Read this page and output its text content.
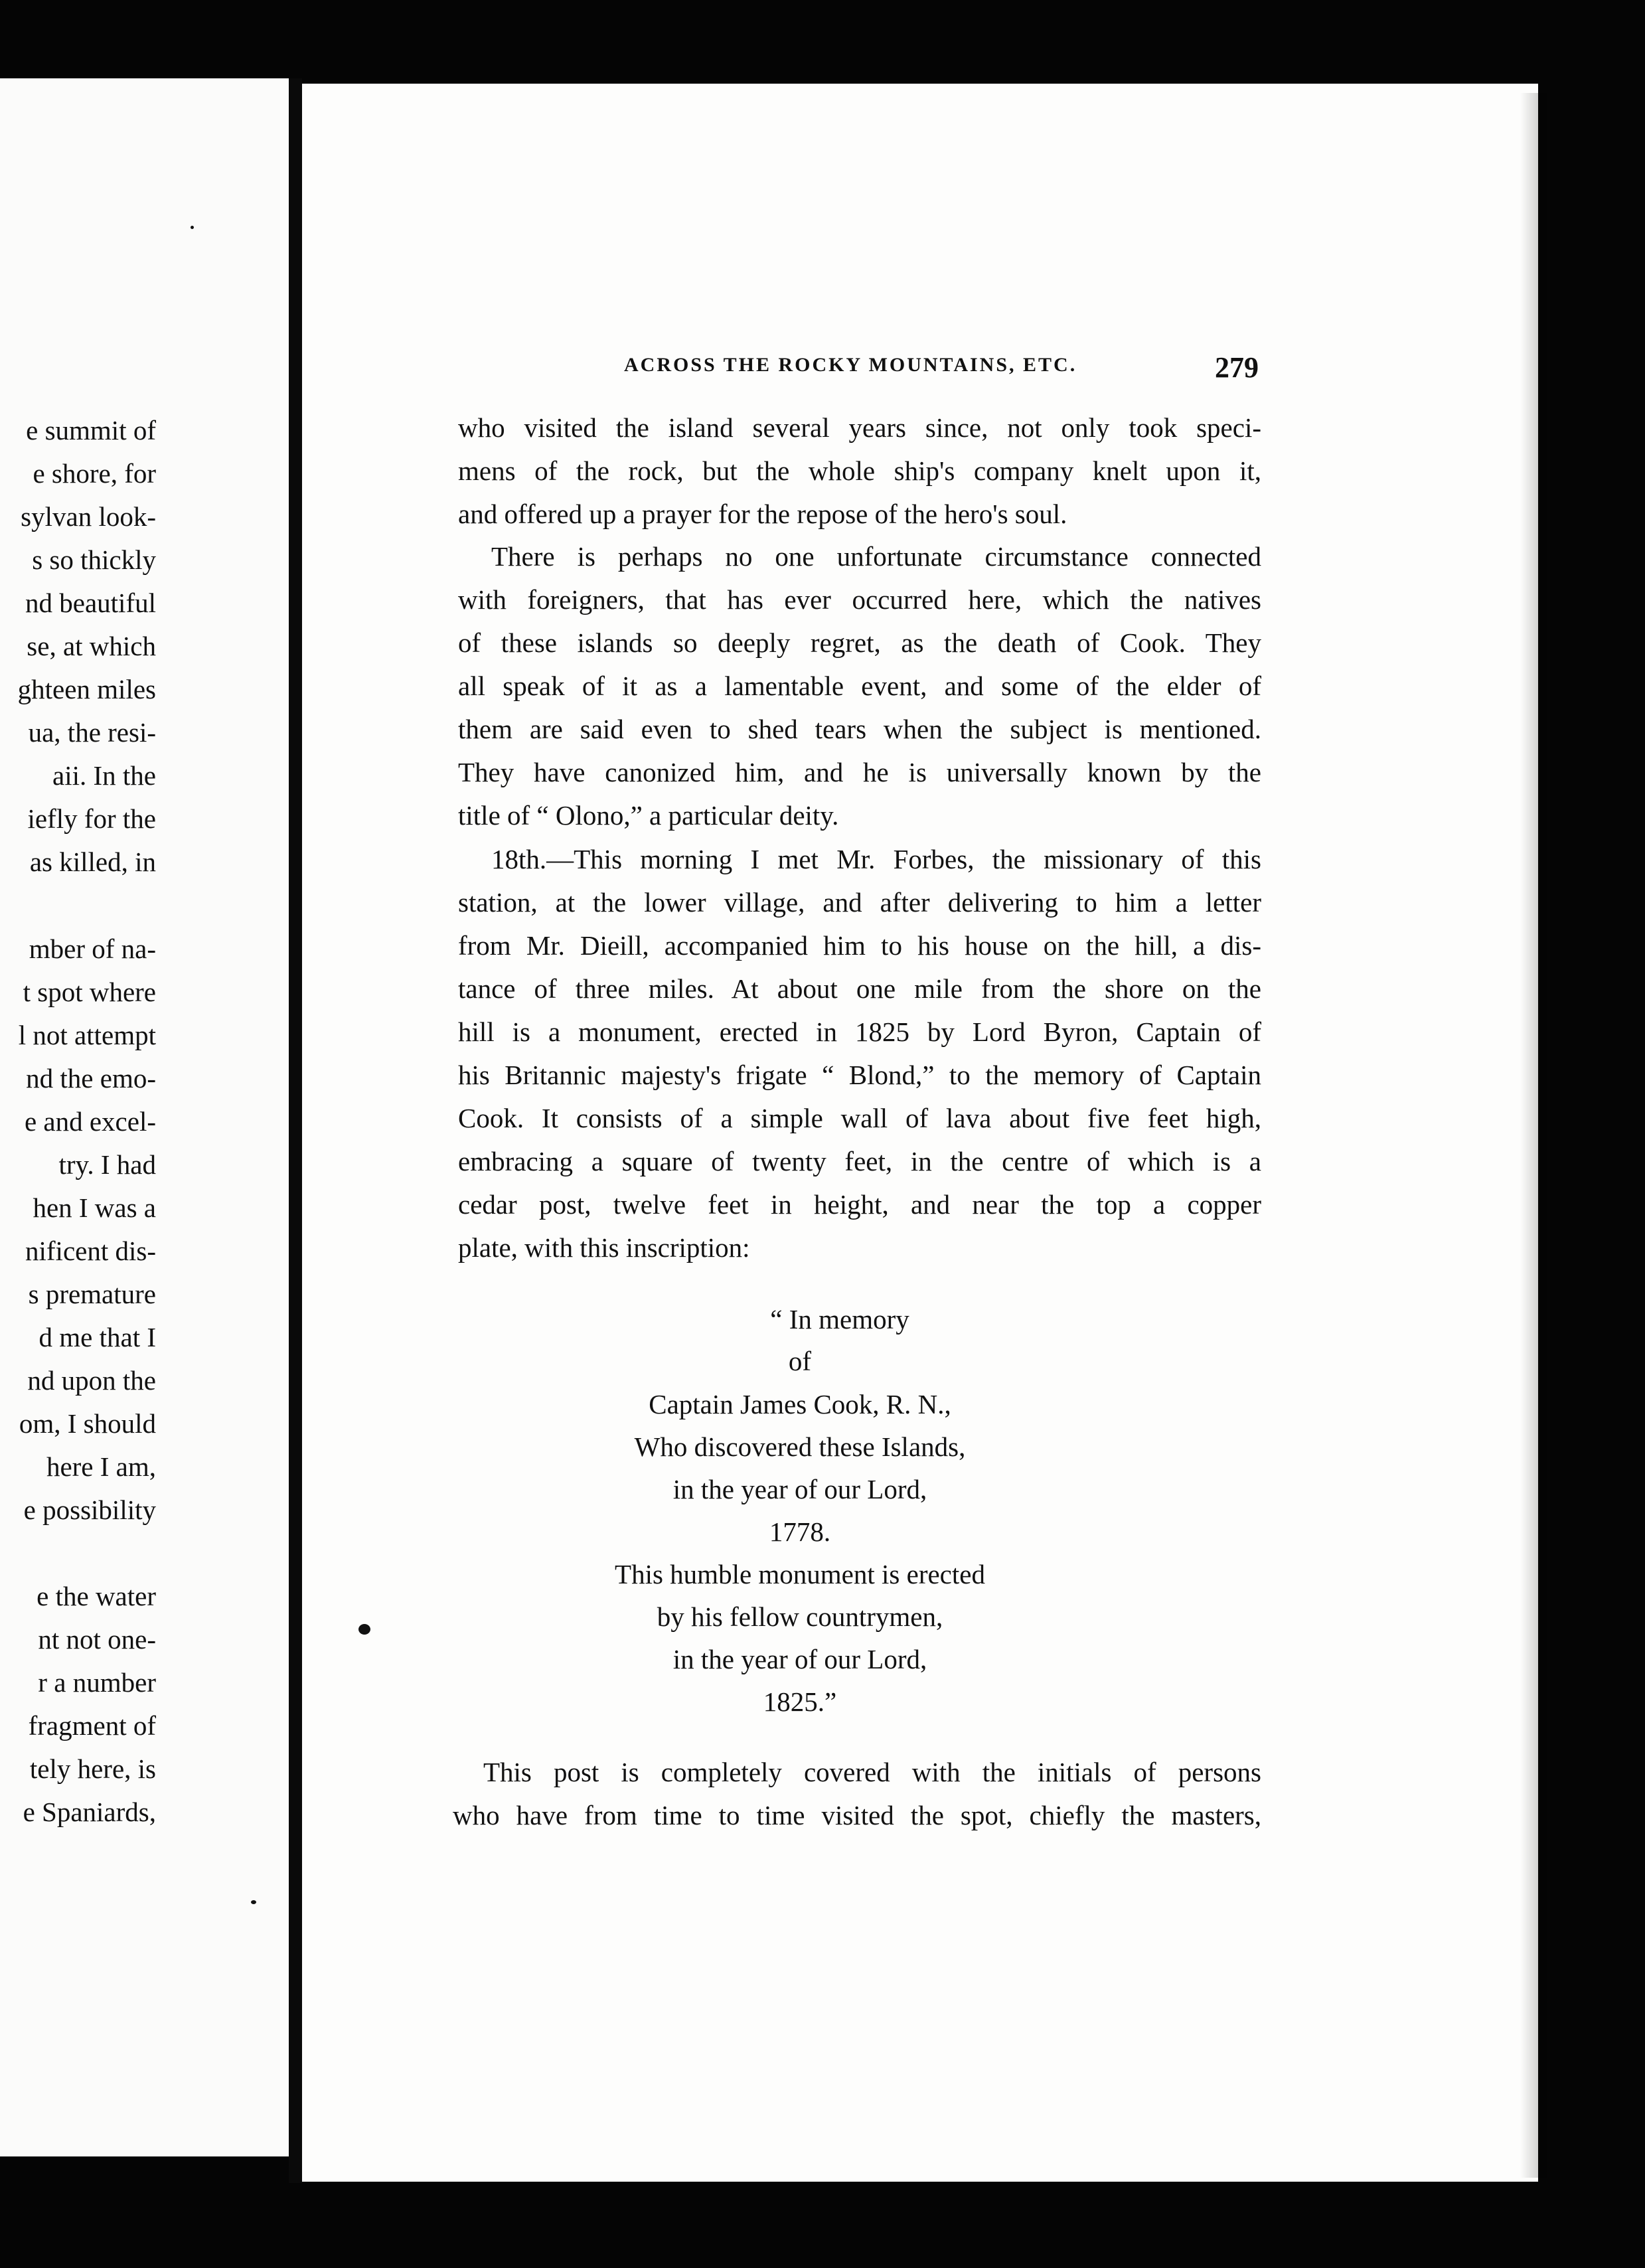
e summit of
e shore, for
sylvan look-
s so thickly
nd beautiful
se, at which
ghteen miles
ua, the resi-
aii. In the
iefly for the
as killed, in
mber of na-
t spot where
l not attempt
nd the emo-
e and excel-
try. I had
hen I was a
nificent dis-
s premature
d me that I
nd upon the
om, I should
here I am,
e possibility
e the water
nt not one-
r a number
fragment of
tely here, is
e Spaniards,
ACROSS THE ROCKY MOUNTAINS, ETC.	279
who visited the island several years since, not only took speci-
mens of the rock, but the whole ship's company knelt upon it,
and offered up a prayer for the repose of the hero's soul.
There is perhaps no one unfortunate circumstance connected
with foreigners, that has ever occurred here, which the natives
of these islands so deeply regret, as the death of Cook. They
all speak of it as a lamentable event, and some of the elder of
them are said even to shed tears when the subject is mentioned.
They have canonized him, and he is universally known by the
title of “ Olono,” a particular deity.
18th.—This morning I met Mr. Forbes, the missionary of this
station, at the lower village, and after delivering to him a letter
from Mr. Dieill, accompanied him to his house on the hill, a dis-
tance of three miles. At about one mile from the shore on the
hill is a monument, erected in 1825 by Lord Byron, Captain of
his Britannic majesty's frigate “ Blond,” to the memory of Captain
Cook. It consists of a simple wall of lava about five feet high,
embracing a square of twenty feet, in the centre of which is a
cedar post, twelve feet in height, and near the top a copper
plate, with this inscription:
“ In memory
of
Captain James Cook, R. N.,
Who discovered these Islands,
in the year of our Lord,
1778.
This humble monument is erected
by his fellow countrymen,
in the year of our Lord,
1825.”
This post is completely covered with the initials of persons
who have from time to time visited the spot, chiefly the masters,
